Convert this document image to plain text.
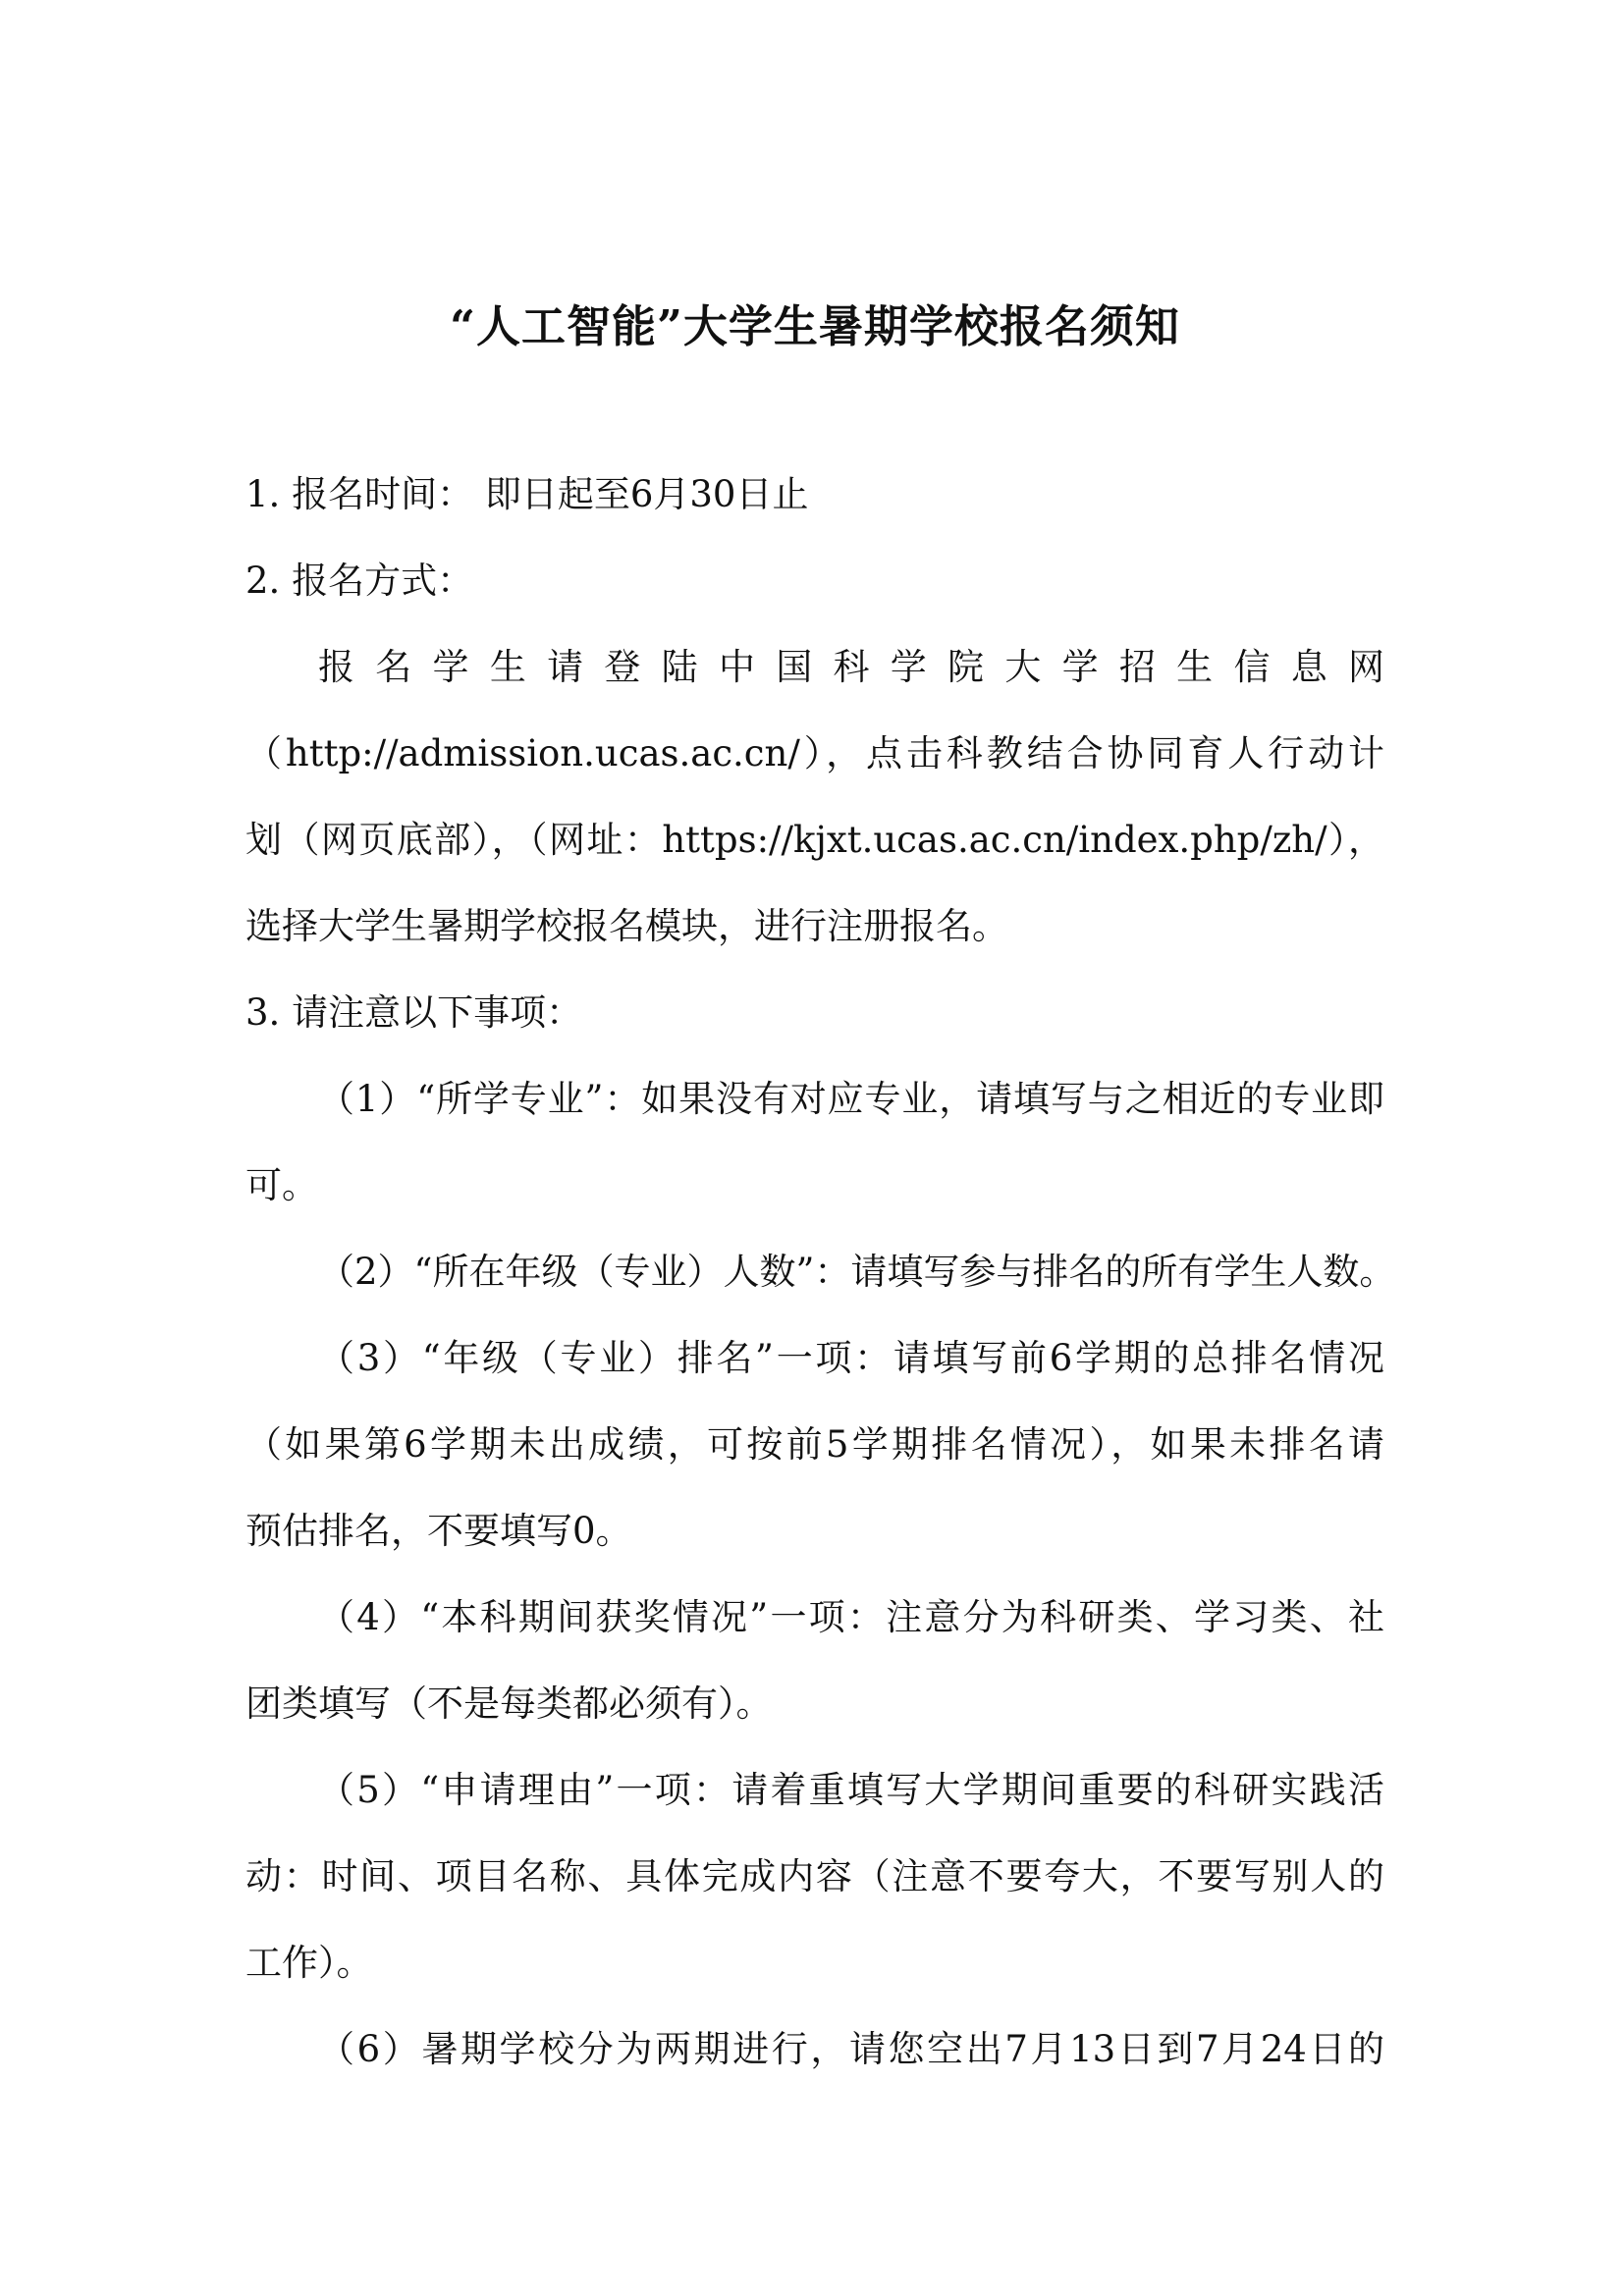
“人工智能”大学生暑期学校报名须知
1. 报名时间： 即日起至6月30日止
2. 报名方式：
报名学生请登陆中国科学院大学招生信息网
（http://admission.ucas.ac.cn/），点击科教结合协同育人行动计
划（网页底部），（网址：https://kjxt.ucas.ac.cn/index.php/zh/），
选择大学生暑期学校报名模块，进行注册报名。
3. 请注意以下事项：
（1）“所学专业”：如果没有对应专业，请填写与之相近的专业即
可。
（2）“所在年级（专业）人数”：请填写参与排名的所有学生人数。
（3）“年级（专业）排名”一项：请填写前6学期的总排名情况
（如果第6学期未出成绩，可按前5学期排名情况），如果未排名请
预估排名，不要填写0。
（4）“本科期间获奖情况”一项：注意分为科研类、学习类、社
团类填写（不是每类都必须有）。
（5）“申请理由”一项：请着重填写大学期间重要的科研实践活
动：时间、项目名称、具体完成内容（注意不要夸大，不要写别人的
工作）。
（6）暑期学校分为两期进行，请您空出7月13日到7月24日的
